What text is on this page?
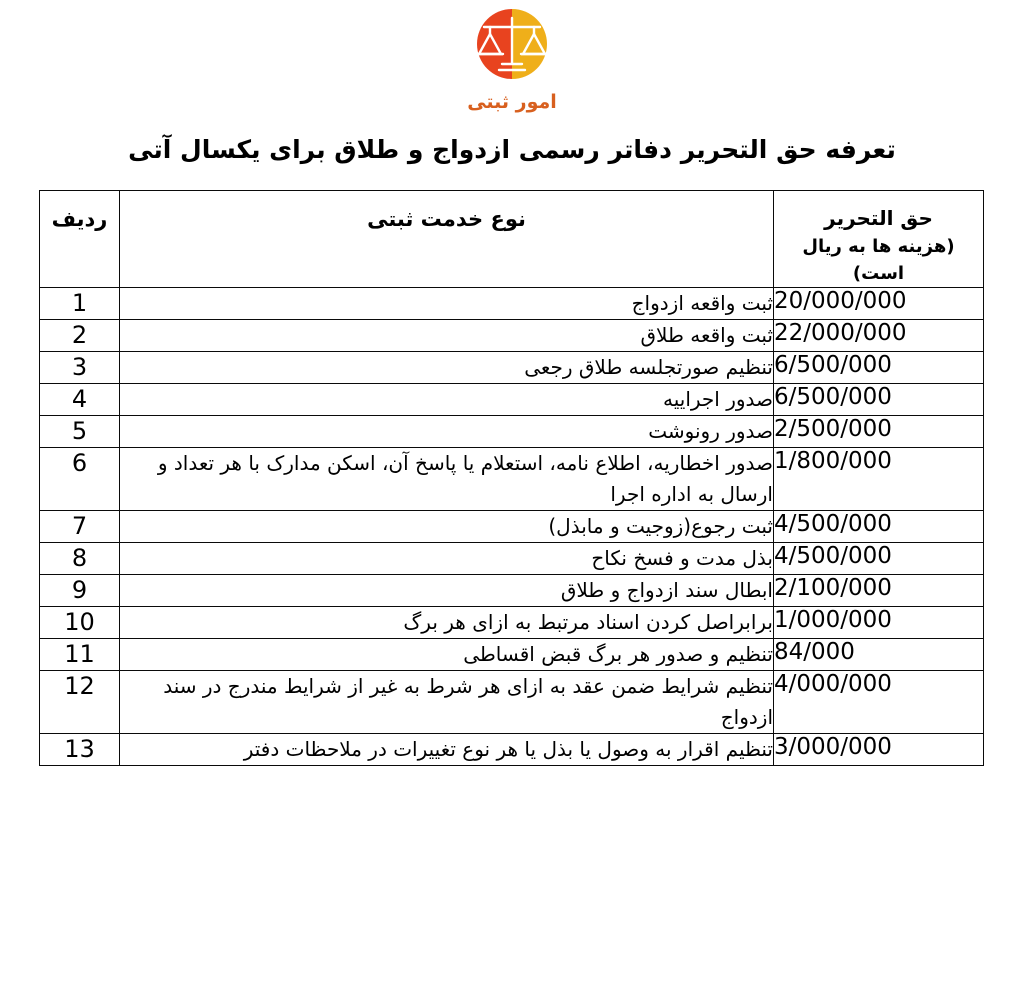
امور ثبتی
تعرفه حق التحریر دفاتر رسمی ازدواج و طلاق برای یکسال آتی
حق التحریر
(هزینه ها به ریال است)	نوع خدمت ثبتی	ردیف

20/000/000	ثبت واقعه ازدواج	1
22/000/000	ثبت واقعه طلاق	2
6/500/000	تنظیم صورتجلسه طلاق رجعی	3
6/500/000	صدور اجراییه	4
2/500/000	صدور رونوشت	5
1/800/000	صدور اخطاریه، اطلاع نامه، استعلام یا پاسخ آن، اسکن مدارک با هر تعداد و ارسال به اداره اجرا	6
4/500/000	ثبت رجوع(زوجیت و مابذل)	7
4/500/000	بذل مدت و فسخ نکاح	8
2/100/000	ابطال سند ازدواج و طلاق	9
1/000/000	برابراصل کردن اسناد مرتبط به ازای هر برگ	10
84/000	تنظیم و صدور هر برگ قبض اقساطی	11
4/000/000	تنظیم شرایط ضمن عقد به ازای هر شرط به غیر از شرایط مندرج در سند ازدواج	12
3/000/000	تنظیم اقرار به وصول یا بذل یا هر نوع تغییرات در ملاحظات دفتر	13
